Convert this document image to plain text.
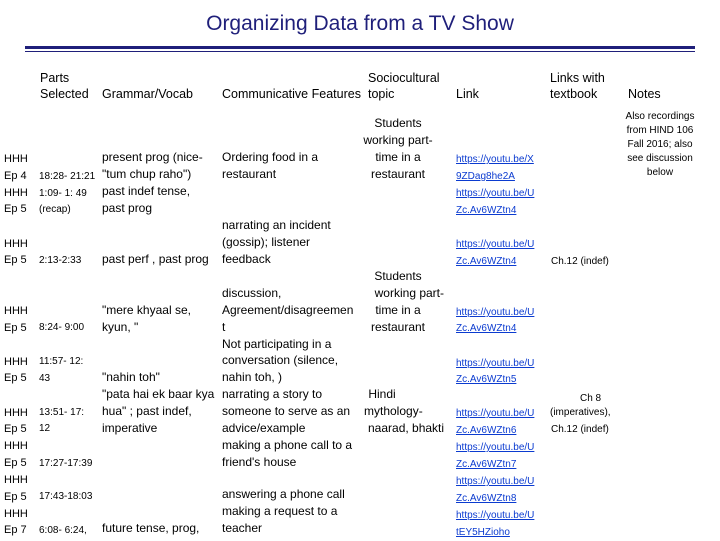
Organizing Data from a TV Show
Parts
Selected Grammar/Vocab Communicative Features
Sociocultural
topic	Link
Links with
textbook Notes
Also recordings
from HIND 106
Fall 2016; also
see discussion
below
HHH
Ep 4
HHH
Ep 5
HHH
Ep 5
HHH
Ep 5
HHH
Ep 5
HHH
Ep 5
HHH
Ep 5
HHH
Ep 5
HHH
Ep 7
18:28- 21:21
1:09- 1: 49
(recap)
2:13-2:33
8:24- 9:00
11:57- 12:
43
13:51- 17:
12
17:27-17:39
17:43-18:03
6:08- 6:24,
present prog (nice-
"tum chup raho")
past indef tense,
past prog
past perf , past prog
"mere khyaal se,
kyun, "
"nahin toh"
"pata hai ek baar kya
hua" ; past indef,
imperative
future tense, prog,
Ordering food in a
restaurant
narrating an incident
(gossip); listener
feedback
discussion,
Agreement/disagreemen
t
Not participating in a
conversation (silence,
nahin toh, )
narrating a story to
someone to serve as an
advice/example
making a phone call to a
friend's house
answering a phone call
making a request to a
teacher
Students
working part-
time in a
restaurant
Students
working part-
time in a
restaurant
Hindi
mythology-
naarad, bhakti
https://youtu.be/X
9ZDag8he2A
https://youtu.be/U
Zc.Av6WZtn4
https://youtu.be/U
Zc.Av6WZtn4
https://youtu.be/U
Zc.Av6WZtn4
https://youtu.be/U
Zc.Av6WZtn5
https://youtu.be/U
Zc.Av6WZtn6
https://youtu.be/U
Zc.Av6WZtn7
https://youtu.be/U
Zc.Av6WZtn8
https://youtu.be/U
tEY5HZioho
Ch.12 (indef)
Ch 8
(imperatives),
Ch.12 (indef)
